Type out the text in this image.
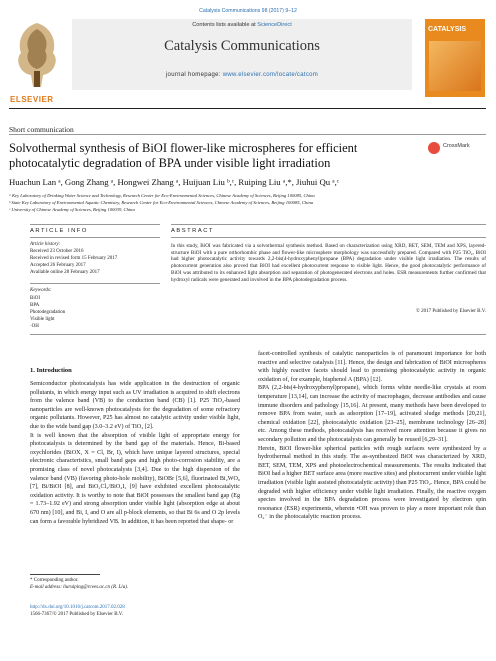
Catalysis Communications 98 (2017) 9–12
ELSEVIER
Contents lists available at ScienceDirect
Catalysis Communications
journal homepage: www.elsevier.com/locate/catcom
CATALYSIS
Short communication
Solvothermal synthesis of BiOI flower-like microspheres for efficient photocatalytic degradation of BPA under visible light irradiation
CrossMark
Huachun Lan ᵃ, Gong Zhang ᵃ, Hongwei Zhang ᵃ, Huijuan Liu ᵇ,ᶜ, Ruiping Liu ᵃ,*, Jiuhui Qu ᵃ,ᶜ
ᵃ Key Laboratory of Drinking Water Science and Technology, Research Center for Eco-Environmental Sciences, Chinese Academy of Sciences, Beijing 100085, China
ᵇ State Key Laboratory of Environmental Aquatic Chemistry, Research Center for Eco-Environmental Sciences, Chinese Academy of Sciences, Beijing 100085, China
ᶜ University of Chinese Academy of Sciences, Beijing 100039, China
ARTICLE INFO
Article history:
Received 23 October 2016
Received in revised form 15 February 2017
Accepted 26 February 2017
Available online 28 February 2017
Keywords:
BiOI
BPA
Photodegradation
Visible light
·OH
ABSTRACT
In this study, BiOI was fabricated via a solvothermal synthesis method. Based on characterization using XRD, BET, SEM, TEM and XPS, layered-structure BiOI with a pure orthorhombic phase and flower-like microsphere morphology was successfully prepared. Compared with P25 TiO₂, BiOI had higher photocatalytic activity towards 2,2-bis(4-hydroxyphenyl)propane (BPA) degradation under visible light irradiation. The results of photocurrent generation also proved that BiOI had excellent photocurrent response to visible light. Hence, the good photocatalytic performance of BiOI was attributed to its enhanced light absorption and separation of photogenerated electrons and holes. ESR measurements further confirmed that hydroxyl radicals were generated and involved in the BPA photodegradation process.
© 2017 Published by Elsevier B.V.
1. Introduction
Semiconductor photocatalysis has wide application in the destruction of organic pollutants, in which energy input such as UV irradiation is acquired to shift electrons from the valence band (VB) to the conduction band (CB) [1]. P25 TiO₂-based nanoparticles are well-known photocatalysts for the degradation of some refractory organic pollutants. However, P25 has almost no catalytic activity under visible light, due to the wide band gap (3.0–3.2 eV) of TiO₂ [2].
It is well known that the absorption of visible light of appropriate energy for photocatalysis is determined by the band gap of the materials. Hence, Bi-based oxychlorides (BiOX, X = Cl, Br, I), which have unique layered structures, special electronic characteristics, small band gaps and high photo-corrosion stability, are a promising class of novel photocatalysts [3,4]. Due to the high dispersion of the valence band (VB) (favoring photo-hole mobility), BiOBr [5,6], fluorinated Bi₂WO₆ [7], Bi/BiOI [8], and BiO₂Cl₂/BiO₄I₂ [9] have exhibited excellent photocatalytic oxidation activity. It is worthy to note that BiOI possesses the smallest band gap (Eg = 1.73–1.92 eV) and strong absorption under visible light (absorption edge at about 670 nm) [10], and Bi, I, and O are all p-block elements, so that Bi 6s and O 2p levels can form a favorable hybridized VB. In addition, it has been reported that shape- or
facet-controlled synthesis of catalytic nanoparticles is of paramount importance for both reactive and selective catalysis [11]. Hence, the design and fabrication of BiOI microspheres with highly reactive facets should lead to promising photocatalytic activity in organic oxidation of, for example, bisphenol A (BPA) [12].
BPA (2,2-bis(4-hydroxyphenyl)propane), which forms white needle-like crystals at room temperature [13,14], can increase the activity of macrophages, decrease antibodies and cause immune disorders and pathology [15,16]. At present, many methods have been developed to remove BPA from water, such as adsorption [17–19], activated sludge methods [20,21], chemical oxidation [22], photocatalytic oxidation [23–25], membrane technology [26–28] etc. Among these methods, photocatalysis has received more attention because it gives no secondary pollution and the photocatalysts can generally be reused [6,29–31].
Herein, BiOI flower-like spherical particles with rough surfaces were synthesized by a hydrothermal method in this study. The as-synthesized BiOI was characterized by XRD, BET, SEM, TEM, XPS and photoelectrochemical measurements. The results indicated that BiOI had a higher BET surface area (more reactive sites) and photocurrent under visible light irradiation (visible light assisted photocatalytic activity) than P25 TiO₂. Hence, BPA could be degraded with higher efficiency under visible light irradiation. Finally, the reactive oxygen species involved in the BPA degradation process were investigated by electron spin resonance (ESR) experiments, wherein •OH was proven to play a more important role than O₂⁻ in the photocatalytic reaction process.
* Corresponding author.
E-mail address: liuruiping@rcees.ac.cn (R. Liu).
http://dx.doi.org/10.1016/j.catcom.2017.02.028
1566-7367/© 2017 Published by Elsevier B.V.
